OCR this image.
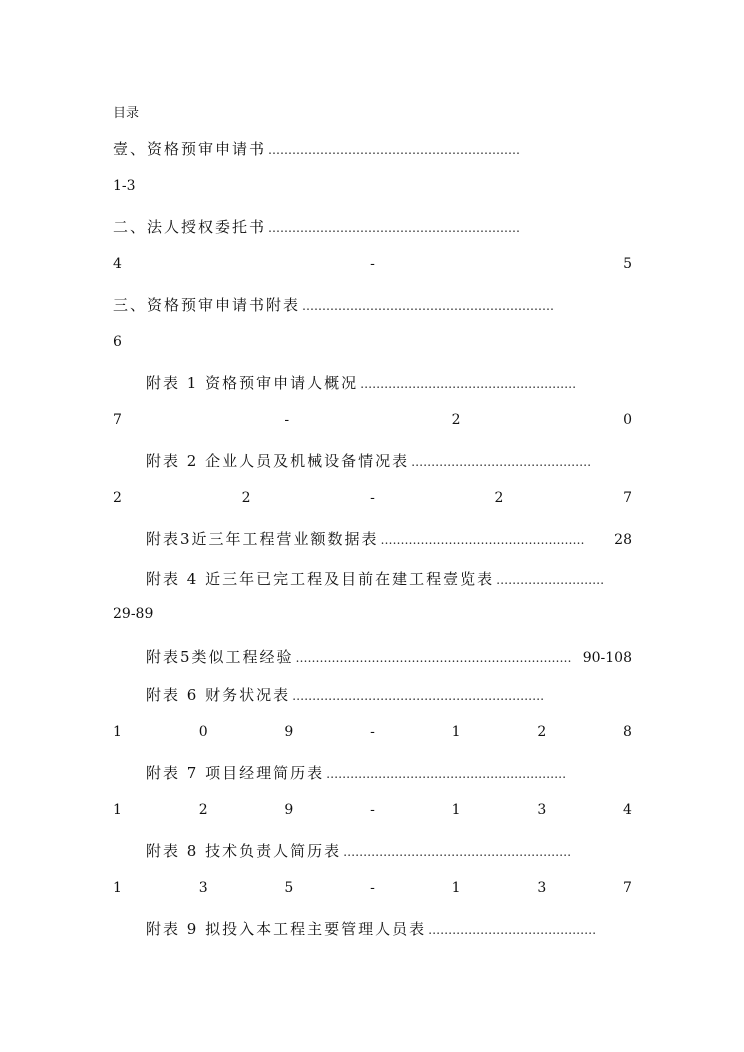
目录
壹、资格预审申请书 ………………………………………………………
1-3
二、法人授权委托书 ………………………………………………………
4	-	5
三、资格预审申请书附表 ………………………………………………………
6
附表 1 资格预审申请人概况 ………………………………………………
7	-	2	0
附表 2 企业人员及机械设备情况表 ………………………………………
2	2	-	2	7
附表3近三年工程营业额数据表 ……………………………………………	28
附表 4 近三年已完工程及目前在建工程壹览表 ………………………
29-89
附表5类似工程经验 …………………………………………………………… 90-108
附表 6 财务状况表 ………………………………………………………
1	0	9	-	1	2	8
附表 7 项目经理简历表 ……………………………………………………
1	2	9	-	1	3	4
附表 8 技术负责人简历表 …………………………………………………
1	3	5	-	1	3	7
附表 9 拟投入本工程主要管理人员表 ……………………………………
